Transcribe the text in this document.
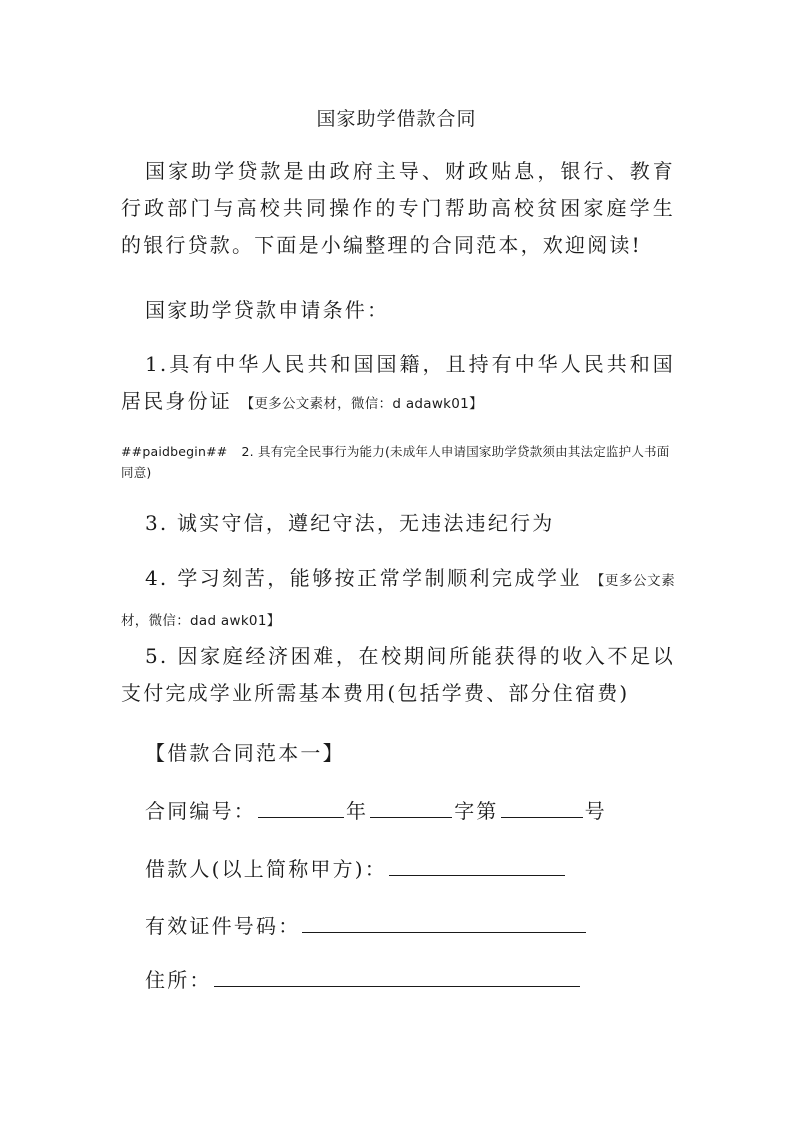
国家助学借款合同

国家助学贷款是由政府主导、财政贴息，银行、教育行政部门与高校共同操作的专门帮助高校贫困家庭学生的银行贷款。下面是小编整理的合同范本，欢迎阅读!

国家助学贷款申请条件：

1.具有中华人民共和国国籍，且持有中华人民共和国居民身份证 【更多公文素材，微信：d adawk01】

##paidbegin## 2. 具有完全民事行为能力(未成年人申请国家助学贷款须由其法定监护人书面同意)

3. 诚实守信，遵纪守法，无违法违纪行为

4. 学习刻苦，能够按正常学制顺利完成学业 【更多公文素材，微信：dad awk01】

5. 因家庭经济困难，在校期间所能获得的收入不足以支付完成学业所需基本费用(包括学费、部分住宿费)

【借款合同范本一】

合同编号：	年	字第	号
借款人(以上简称甲方)：
有效证件号码：
住所：
